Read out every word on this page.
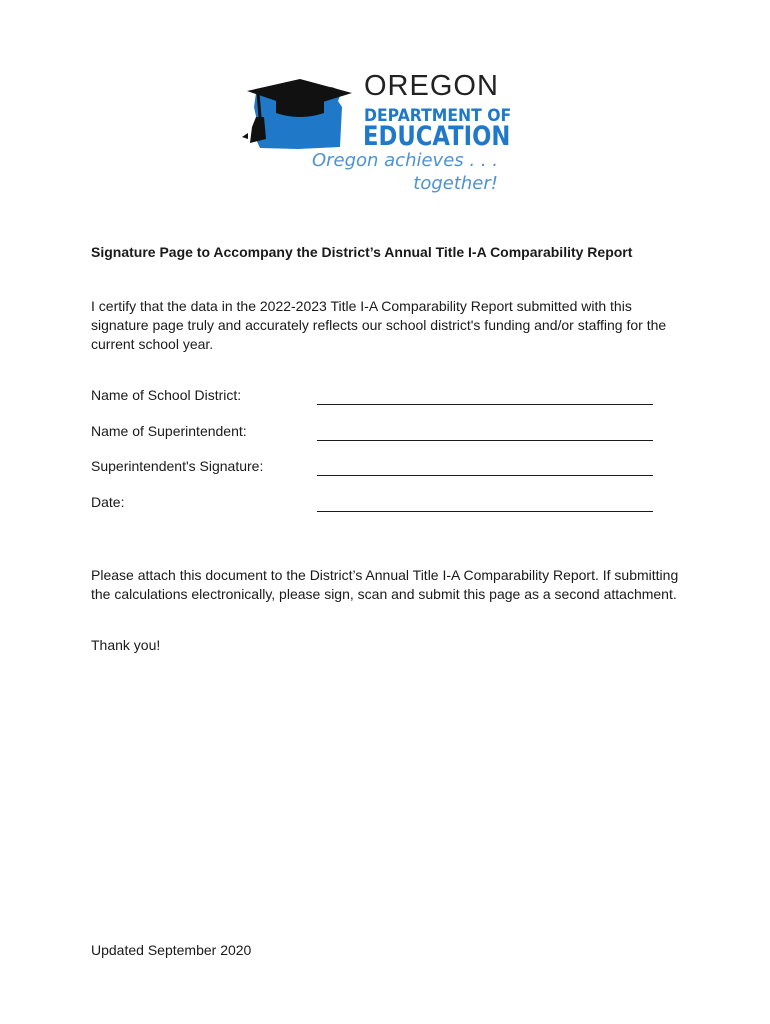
OREGON
DEPARTMENT OF
EDUCATION
Oregon achieves . . .
together!
Signature Page to Accompany the District’s Annual Title I-A Comparability Report

I certify that the data in the 2022-2023 Title I-A Comparability Report submitted with this signature page truly and accurately reflects our school district's funding and/or staffing for the current school year.

Name of School District:
Name of Superintendent:
Superintendent's Signature:
Date:

Please attach this document to the District’s Annual Title I-A Comparability Report. If submitting the calculations electronically, please sign, scan and submit this page as a second attachment.

Thank you!

Updated September 2020
